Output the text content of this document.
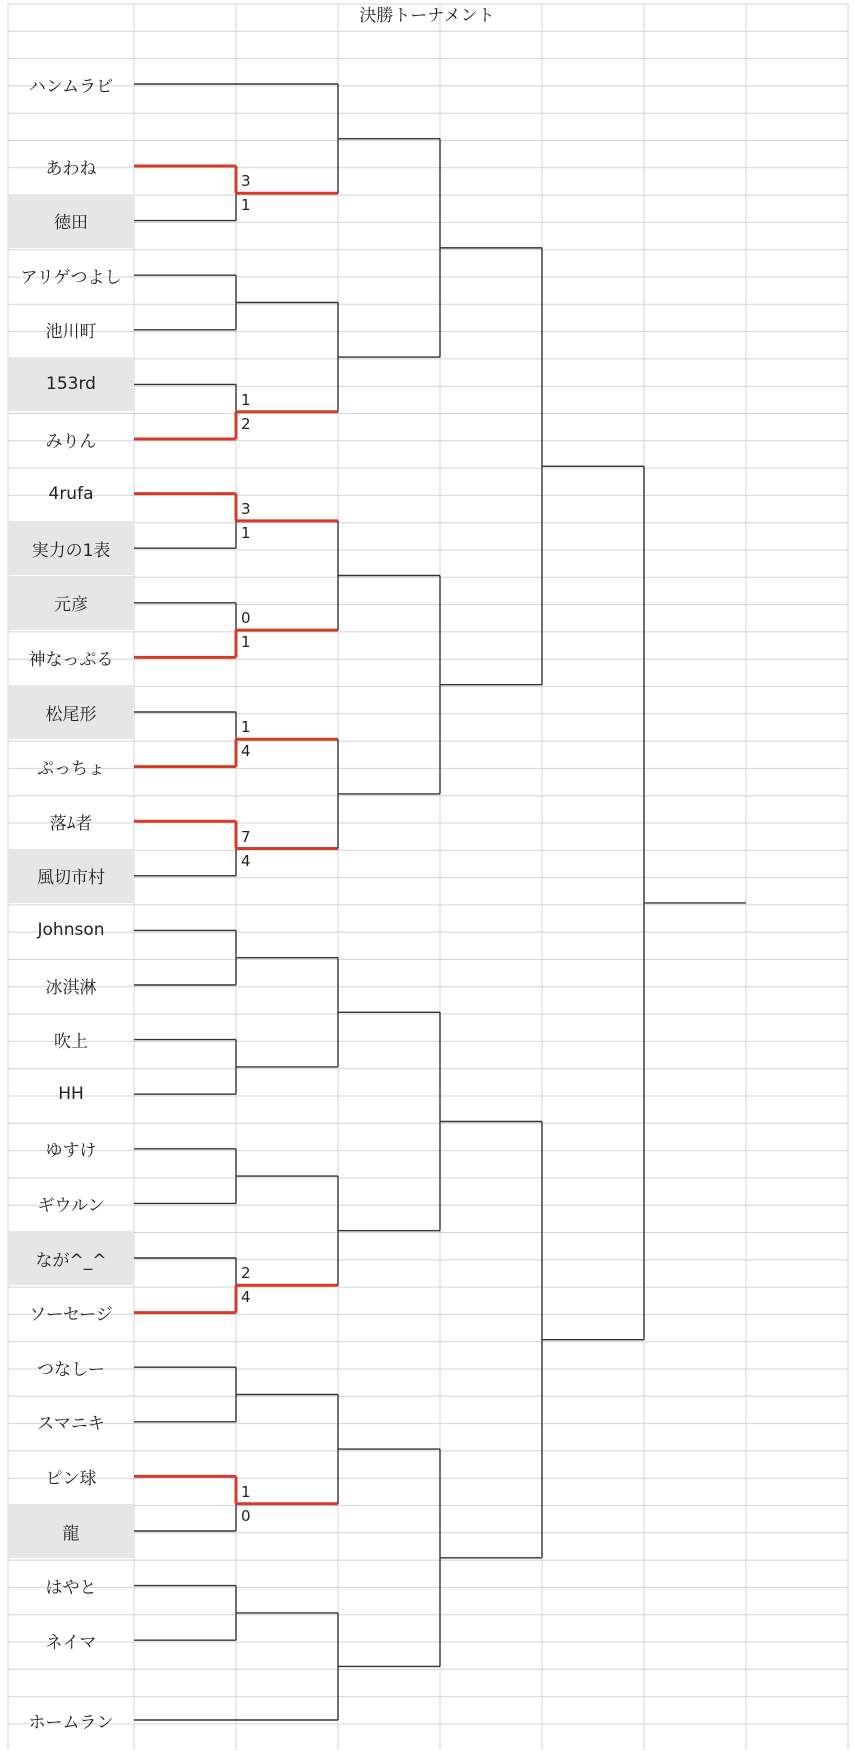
決勝トーナメント
ハンムラビ
あわね
徳田
アリゲつよし
池川町
153rd
みりん
4rufa
実力の1表
元彦
神なっぷる
松尾形
ぷっちょ
落ﾑ者
風切市村
Johnson
冰淇淋
吹上
HH
ゆすけ
ギウルン
なが^_^
ソーセージ
つなしー
スマニキ
ピン球
龍
はやと
ネイマ
ホームラン
3
1
1
2
3
1
0
1
1
4
7
4
2
4
1
0
